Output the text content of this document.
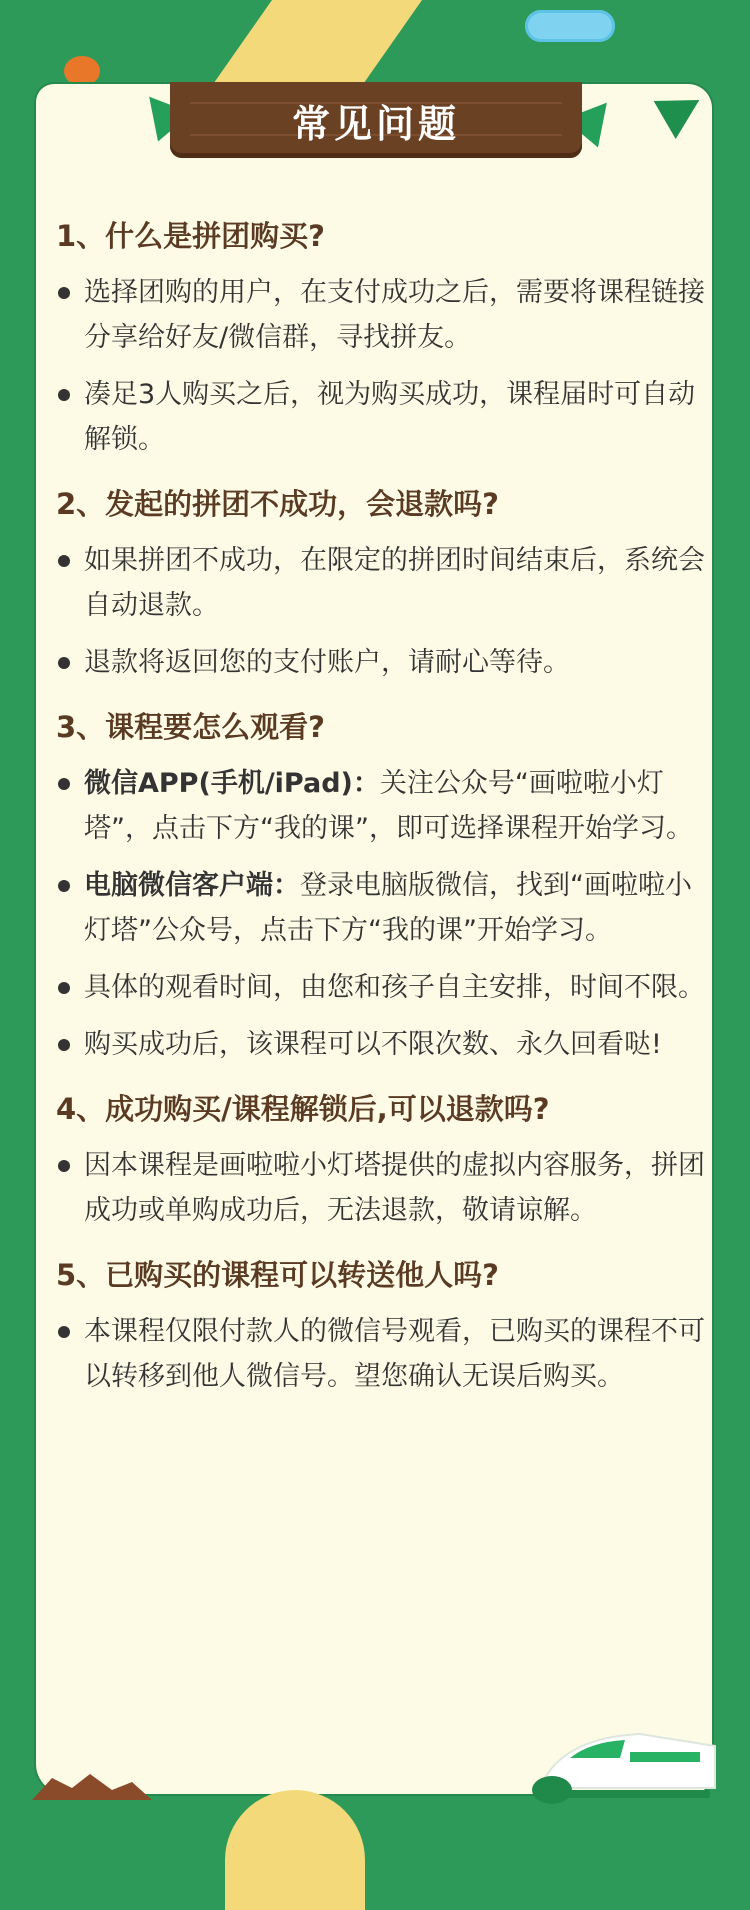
常见问题
1、什么是拼团购买?
选择团购的用户，在支付成功之后，需要将课程链接分享给好友/微信群，寻找拼友。
凑足3人购买之后，视为购买成功，课程届时可自动解锁。
2、发起的拼团不成功，会退款吗?
如果拼团不成功，在限定的拼团时间结束后，系统会自动退款。
退款将返回您的支付账户，请耐心等待。
3、课程要怎么观看?
微信APP(手机/iPad)：关注公众号“画啦啦小灯塔”，点击下方“我的课”，即可选择课程开始学习。
电脑微信客户端：登录电脑版微信，找到“画啦啦小灯塔”公众号，点击下方“我的课”开始学习。
具体的观看时间，由您和孩子自主安排，时间不限。
购买成功后，该课程可以不限次数、永久回看哒!
4、成功购买/课程解锁后,可以退款吗?
因本课程是画啦啦小灯塔提供的虚拟内容服务，拼团成功或单购成功后，无法退款，敬请谅解。
5、已购买的课程可以转送他人吗?
本课程仅限付款人的微信号观看，已购买的课程不可以转移到他人微信号。望您确认无误后购买。
